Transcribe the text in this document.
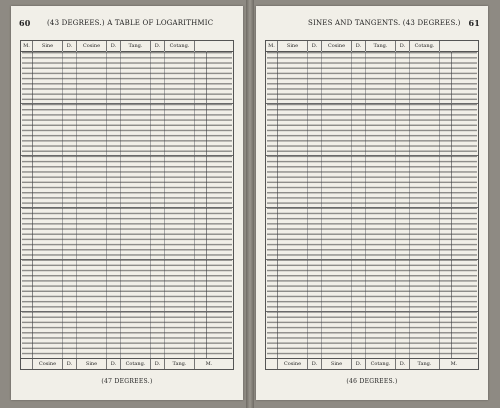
60 (43 DEGREES.) A TABLE OF LOGARITHMIC
M.	Sine	D.	Cosine	D.	Tang.	D.	Cotang.
Cosine	D.	Sine	D.	Cotang.	D.	Tang.	M.
(47 DEGREES.)
SINES AND TANGENTS. (43 DEGREES.) 61
M.	Sine	D.	Cosine	D.	Tang.	D.	Cotang.
Cosine	D.	Sine	D.	Cotang.	D.	Tang.	M.
(46 DEGREES.)
